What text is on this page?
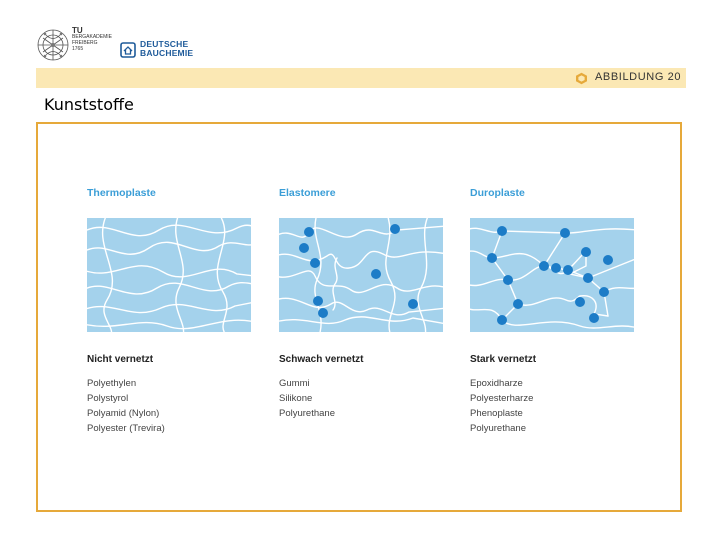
TU
BERGAKADEMIE
FREIBERG
1765	DEUTSCHE
BAUCHEMIE
ABBILDUNG 20
Kunststoffe
Thermoplaste
Nicht vernetzt
Polyethylen
Polystyrol
Polyamid (Nylon)
Polyester (Trevira)
Elastomere
Schwach vernetzt
Gummi
Silikone
Polyurethane
Duroplaste
Stark vernetzt
Epoxidharze
Polyesterharze
Phenoplaste
Polyurethane
